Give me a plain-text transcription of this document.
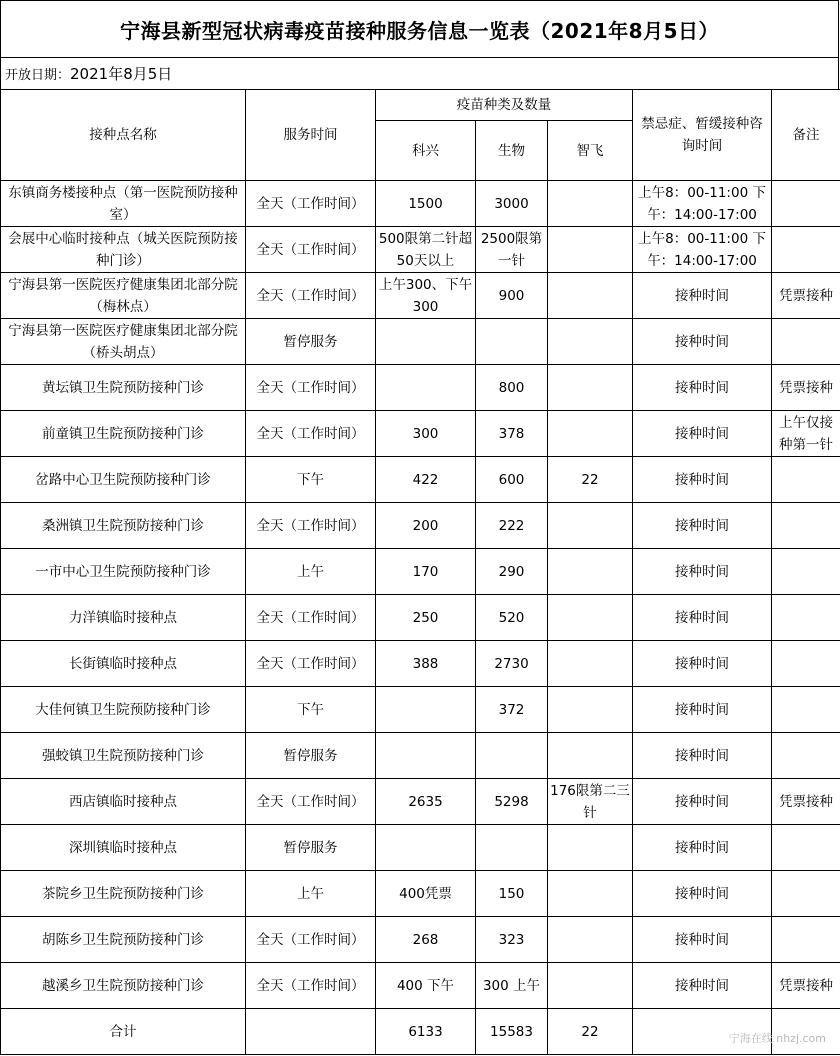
宁海县新型冠状病毒疫苗接种服务信息一览表（2021年8月5日）
开放日期： 2021年8月5日
接种点名称	服务时间	疫苗种类及数量			禁忌症、暂缓接种咨询时间	备注
		科兴	生物	智飞		
东镇商务楼接种点（第一医院预防接种室）	全天（工作时间）	1500	3000		上午8：00-11:00 下午：14:00-17:00	
会展中心临时接种点（城关医院预防接种门诊）	全天（工作时间）	500限第二针超50天以上	2500限第一针		上午8：00-11:00 下午：14:00-17:00	
宁海县第一医院医疗健康集团北部分院（梅林点）	全天（工作时间）	上午300、下午300	900		接种时间	凭票接种
宁海县第一医院医疗健康集团北部分院（桥头胡点）	暂停服务				接种时间	
黄坛镇卫生院预防接种门诊	全天（工作时间）		800		接种时间	凭票接种
前童镇卫生院预防接种门诊	全天（工作时间）	300	378		接种时间	上午仅接种第一针
岔路中心卫生院预防接种门诊	下午	422	600	22	接种时间	
桑洲镇卫生院预防接种门诊	全天（工作时间）	200	222		接种时间	
一市中心卫生院预防接种门诊	上午	170	290		接种时间	
力洋镇临时接种点	全天（工作时间）	250	520		接种时间	
长街镇临时接种点	全天（工作时间）	388	2730		接种时间	
大佳何镇卫生院预防接种门诊	下午		372		接种时间	
强蛟镇卫生院预防接种门诊	暂停服务				接种时间	
西店镇临时接种点	全天（工作时间）	2635	5298	176限第二三针	接种时间	凭票接种
深圳镇临时接种点	暂停服务				接种时间	
茶院乡卫生院预防接种门诊	上午	400凭票	150		接种时间	
胡陈乡卫生院预防接种门诊	全天（工作时间）	268	323		接种时间	
越溪乡卫生院预防接种门诊	全天（工作时间）	400 下午	300 上午		接种时间	凭票接种
合计		6133	15583	22			宁海在线 nhzj.com
